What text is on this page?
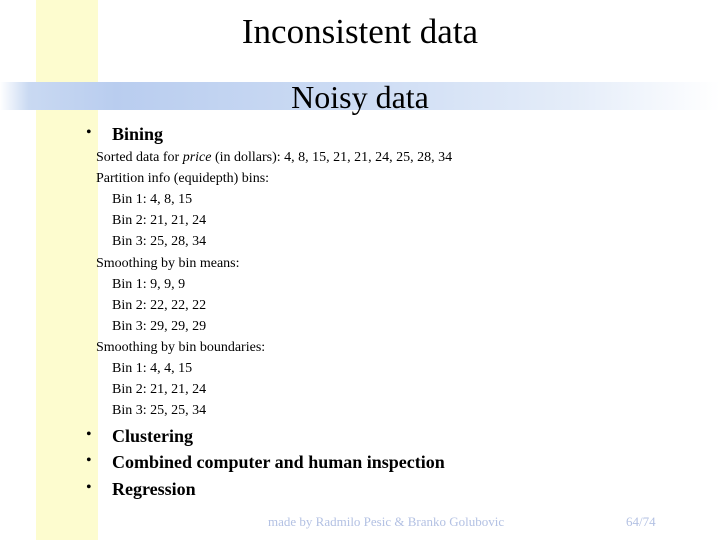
Inconsistent data
Noisy data
• Bining
Sorted data for price (in dollars): 4, 8, 15, 21, 21, 24, 25, 28, 34
Partition info (equidepth) bins:
Bin 1: 4, 8, 15
Bin 2: 21, 21, 24
Bin 3: 25, 28, 34
Smoothing by bin means:
Bin 1: 9, 9, 9
Bin 2: 22, 22, 22
Bin 3: 29, 29, 29
Smoothing by bin boundaries:
Bin 1: 4, 4, 15
Bin 2: 21, 21, 24
Bin 3: 25, 25, 34
• Clustering
• Combined computer and human inspection
• Regression
made by Radmilo Pesic & Branko Golubovic	64/74
